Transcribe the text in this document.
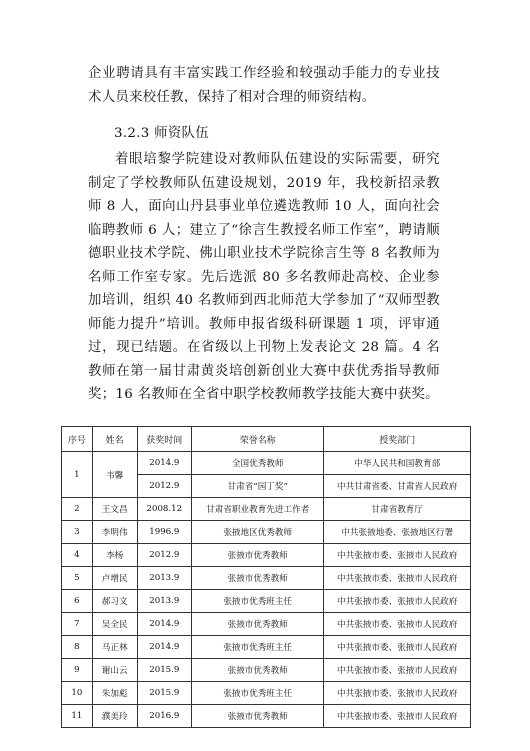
企业聘请具有丰富实践工作经验和较强动手能力的专业技术人员来校任教，保持了相对合理的师资结构。

3.2.3 师资队伍

着眼培黎学院建设对教师队伍建设的实际需要，研究制定了学校教师队伍建设规划，2019 年，我校新招录教师 8 人，面向山丹县事业单位遴选教师 10 人，面向社会临聘教师 6 人；建立了“徐言生教授名师工作室”，聘请顺德职业技术学院、佛山职业技术学院徐言生等 8 名教师为名师工作室专家。先后选派 80 多名教师赴高校、企业参加培训，组织 40 名教师到西北师范大学参加了“双师型教师能力提升”培训。教师申报省级科研课题 1 项，评审通过，现已结题。在省级以上刊物上发表论文 28 篇。4 名教师在第一届甘肃黄炎培创新创业大赛中获优秀指导教师奖；16 名教师在全省中职学校教师教学技能大赛中获奖。

序号	姓名	获奖时间	荣誉名称	授奖部门
1	韦馨	2014.9	全国优秀教师	中华人民共和国教育部
		2012.9	甘肃省“园丁奖”	中共甘肃省委、甘肃省人民政府
2	王文昌	2008.12	甘肃省职业教育先进工作者	甘肃省教育厅
3	李明伟	1996.9	张掖地区优秀教师	中共张掖地委、张掖地区行署
4	李杨	2012.9	张掖市优秀教师	中共张掖市委、张掖市人民政府
5	卢增民	2013.9	张掖市优秀教师	中共张掖市委、张掖市人民政府
6	郝习文	2013.9	张掖市优秀班主任	中共张掖市委、张掖市人民政府
7	吴全民	2014.9	张掖市优秀教师	中共张掖市委、张掖市人民政府
8	马正林	2014.9	张掖市优秀班主任	中共张掖市委、张掖市人民政府
9	谢山云	2015.9	张掖市优秀教师	中共张掖市委、张掖市人民政府
10	朱加彪	2015.9	张掖市优秀班主任	中共张掖市委、张掖市人民政府
11	濮美玲	2016.9	张掖市优秀教师	中共张掖市委、张掖市人民政府
